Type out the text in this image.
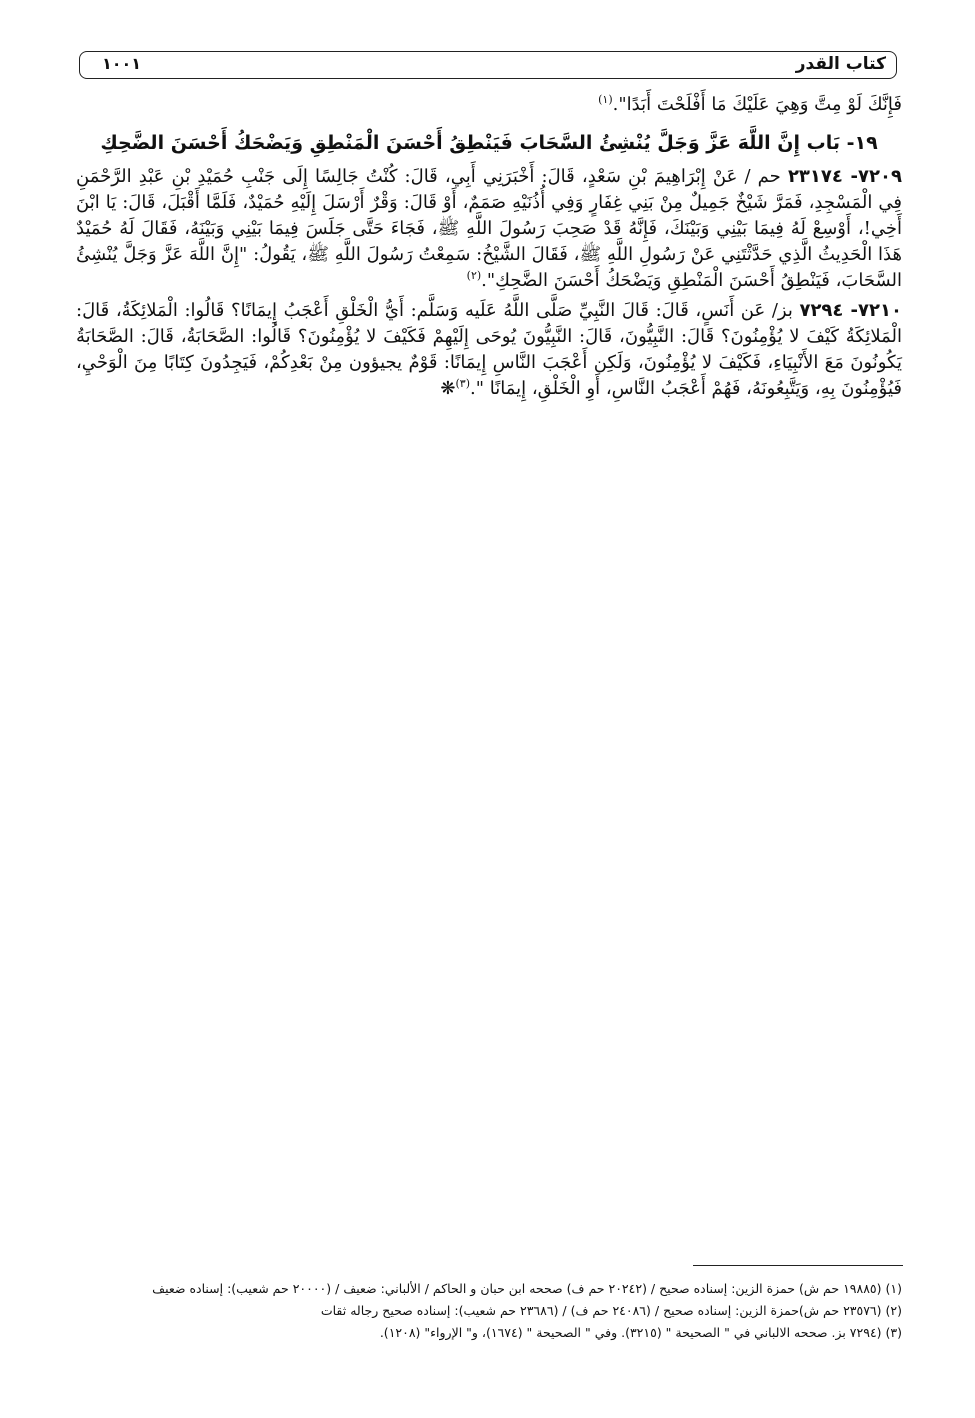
كتاب القدر
١٠٠١

فَإِنَّكَ لَوْ مِتَّ وَهِيَ عَلَيْكَ مَا أَفْلَحْتَ أَبَدًا".$^{(١)}$

١٩- بَاب إِنَّ اللَّهَ عَزَّ وَجَلَّ يُنْشِئُ السَّحَابَ فَيَنْطِقُ أَحْسَنَ الْمَنْطِقِ وَيَضْحَكُ أَحْسَنَ الضَّحِكِ

٧٢٠٩- ٢٣١٧٤ حم / عَنْ إِبْرَاهِيمَ بْنِ سَعْدٍ، قَالَ: أَخْبَرَنِي أَبِي، قَالَ: كُنْتُ جَالِسًا إِلَى جَنْبِ حُمَيْدِ بْنِ عَبْدِ الرَّحْمَنِ فِي الْمَسْجِدِ، فَمَرَّ شَيْخٌ جَمِيلٌ مِنْ بَنِي غِفَارٍ وَفِي أُذُنَيْهِ صَمَمٌ، أَوْ قَالَ: وَقْرٌ أَرْسَلَ إِلَيْهِ حُمَيْدٌ، فَلَمَّا أَقْبَلَ، قَالَ: يَا ابْنَ أَخِي!، أَوْسِعْ لَهُ فِيمَا بَيْنِي وَبَيْنَكَ، فَإِنَّهُ قَدْ صَحِبَ رَسُولَ اللَّهِ ﷺ، فَجَاءَ حَتَّى جَلَسَ فِيمَا بَيْنِي وَبَيْنَهُ، فَقَالَ لَهُ حُمَيْدٌ هَذَا الْحَدِيثُ الَّذِي حَدَّثْتَنِي عَنْ رَسُولِ اللَّهِ ﷺ، فَقَالَ الشَّيْخُ: سَمِعْتُ رَسُولَ اللَّهِ ﷺ، يَقُولُ: "إِنَّ اللَّهَ عَزَّ وَجَلَّ يُنْشِئُ السَّحَابَ، فَيَنْطِقُ أَحْسَنَ الْمَنْطِقِ وَيَضْحَكُ أَحْسَنَ الضَّحِكِ".$^{(٢)}$

٧٢١٠- ٧٢٩٤ بز/ عَن أَنَسٍ، قَالَ: قَالَ النَّبِيِّ صَلَّى اللَّهُ عَلَيه وَسَلَّم: أَيُّ الْخَلْقِ أَعْجَبُ إِيمَانًا؟ قَالُوا: الْمَلائِكَةُ، قَالَ: الْمَلائِكَةُ كَيْفَ لا يُؤْمِنُونَ؟ قَالَ: النَّبِيُّونَ، قَالَ: النَّبِيُّونَ يُوحَى إِلَيْهِمْ فَكَيْفَ لا يُؤْمِنُونَ؟ قَالُوا: الصَّحَابَةُ، قَالَ: الصَّحَابَةُ يَكُونُونَ مَعَ الأَنْبِيَاءِ، فَكَيْفَ لا يُؤْمِنُونَ، وَلَكِن أَعْجَبَ النَّاسِ إِيمَانًا: قَوْمٌ يجيؤون مِنْ بَعْدِكُمْ، فَيَجِدُونَ كِتَابًا مِنَ الْوَحْيِ، فَيُؤْمِنُونَ بِهِ، وَيَتَّبِعُونَهُ، فَهُمْ أَعْجَبُ النَّاسِ، أَوِ الْخَلْقِ، إِيمَانًا ".$^{(٣)}$❋

(١) (١٩٨٨٥ حم ش) حمزة الزين: إسناده صحيح / (٢٠٢٤٢ حم ف) صححه ابن حبان و الحاكم / الألباني: ضعيف / (٢٠٠٠٠ حم شعيب): إسناده ضعيف

(٢) (٢٣٥٧٦ حم ش)حمزة الزين: إسناده صحيح / (٢٤٠٨٦ حم ف) / (٢٣٦٨٦ حم شعيب): إسناده صحيح رجاله ثقات

(٣) (٧٢٩٤ بز. صححه الالباني في " الصحيحة " (٣٢١٥). وفي " الصحيحة " (١٦٧٤)، و" الإرواء" (١٢٠٨).
